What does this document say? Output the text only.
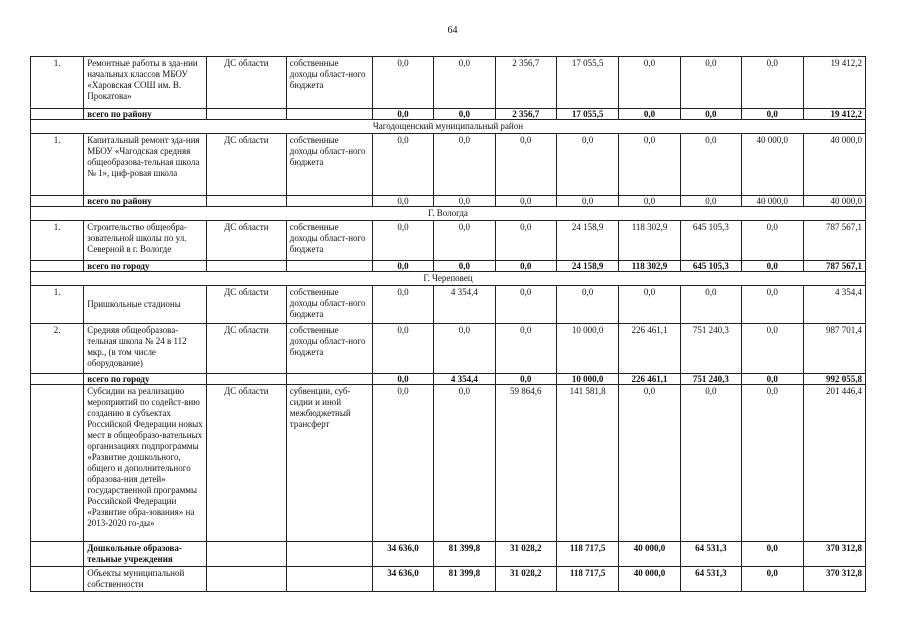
64
1.	Ремонтные работы в зда-нии начальных классов МБОУ «Харовская СОШ им. В. Прокатова»	ДС области	собственные доходы област-ного бюджета	0,0	0,0	2 356,7	17 055,5	0,0	0,0	0,0	19 412,2
	всего по району			0,0	0,0	2 356,7	17 055,5	0,0	0,0	0,0	19 412,2
Чагодощенский муниципальный район											
1.	Капитальный ремонт зда-ния МБОУ «Чагодская средняя общеобразова-тельная школа № 1», циф-ровая школа	ДС области	собственные доходы област-ного бюджета	0,0	0,0	0,0	0,0	0,0	0,0	40 000,0	40 000,0
	всего по району			0,0	0,0	0,0	0,0	0,0	0,0	40 000,0	40 000,0
Г. Вологда											
1.	Строительство общеобра-зовательной школы по ул. Северной в г. Вологде	ДС области	собственные доходы област-ного бюджета	0,0	0,0	0,0	24 158,9	118 302,9	645 105,3	0,0	787 567,1
	всего по городу			0,0	0,0	0,0	24 158,9	118 302,9	645 105,3	0,0	787 567,1
Г. Череповец											
1.	Пришкольные стадионы	ДС области	собственные доходы област-ного бюджета	0,0	4 354,4	0,0	0,0	0,0	0,0	0,0	4 354,4
2.	Средняя общеобразова-тельная школа № 24 в 112 мкр., (в том числе оборудование)	ДС области	собственные доходы област-ного бюджета	0,0	0,0	0,0	10 000,0	226 461,1	751 240,3	0,0	987 701,4
	всего по городу			0,0	4 354,4	0,0	10 000,0	226 461,1	751 240,3	0,0	992 055,8
	Субсидии на реализацию мероприятий по содейст-вию созданию в субъектах Российской Федерации новых мест в общеобразо-вательных организациях подпрограммы «Развитие дошкольного, общего и дополнительного образова-ния детей» государственной программы Российской Федерации «Развитие обра-зования» на 2013-2020 го-ды»	ДС области	субвенции, суб-сидии и иной межбюджетный трансферт	0,0	0,0	59 864,6	141 581,8	0,0	0,0	0,0	201 446,4
	Дошкольные образова-тельные учреждения			34 636,0	81 399,8	31 028,2	118 717,5	40 000,0	64 531,3	0,0	370 312,8
	Объекты муниципальной собственности			34 636,0	81 399,8	31 028,2	118 717,5	40 000,0	64 531,3	0,0	370 312,8
